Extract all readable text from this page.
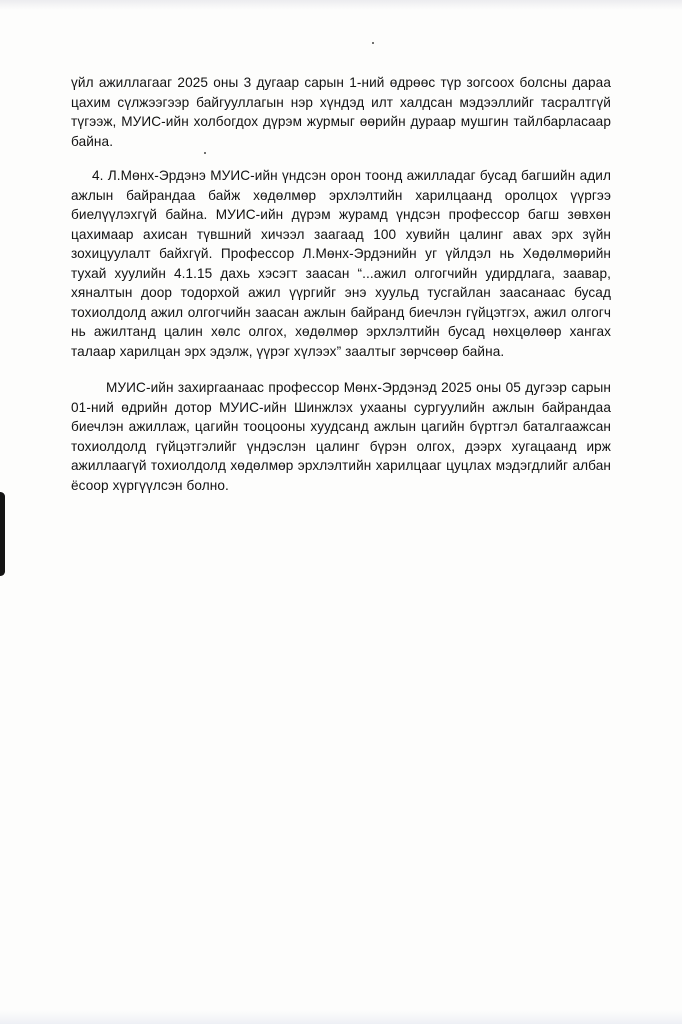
үйл ажиллагааг 2025 оны 3 дугаар сарын 1-ний өдрөөс түр зогсоох болсны дараа цахим сүлжээгээр байгууллагын нэр хүндэд илт халдсан мэдээллийг тасралтгүй түгээж, МУИС-ийн холбогдох дүрэм журмыг өөрийн дураар мушгин тайлбарласаар байна.

4. Л.Мөнх-Эрдэнэ МУИС-ийн үндсэн орон тоонд ажилладаг бусад багшийн адил ажлын байрандаа байж хөдөлмөр эрхлэлтийн харилцаанд оролцох үүргээ биелүүлэхгүй байна. МУИС-ийн дүрэм журамд үндсэн профессор багш зөвхөн цахимаар ахисан түвшний хичээл заагаад 100 хувийн цалинг авах эрх зүйн зохицуулалт байхгүй. Профессор Л.Мөнх-Эрдэнийн уг үйлдэл нь Хөдөлмөрийн тухай хуулийн 4.1.15 дахь хэсэгт заасан “...ажил олгогчийн удирдлага, заавар, хяналтын доор тодорхой ажил үүргийг энэ хуульд тусгайлан заасанаас бусад тохиолдолд ажил олгогчийн заасан ажлын байранд биечлэн гүйцэтгэх, ажил олгогч нь ажилтанд цалин хөлс олгох, хөдөлмөр эрхлэлтийн бусад нөхцөлөөр хангах талаар харилцан эрх эдэлж, үүрэг хүлээх” заалтыг зөрчсөөр байна.

МУИС-ийн захиргаанаас профессор Мөнх-Эрдэнэд 2025 оны 05 дугээр сарын 01-ний өдрийн дотор МУИС-ийн Шинжлэх ухааны сургуулийн ажлын байрандаа биечлэн ажиллаж, цагийн тооцооны хуудсанд ажлын цагийн бүртгэл баталгаажсан тохиолдолд гүйцэтгэлийг үндэслэн цалинг бүрэн олгох, дээрх хугацаанд ирж ажиллаагүй тохиолдолд хөдөлмөр эрхлэлтийн харилцааг цуцлах мэдэгдлийг албан ёсоор хүргүүлсэн болно.
